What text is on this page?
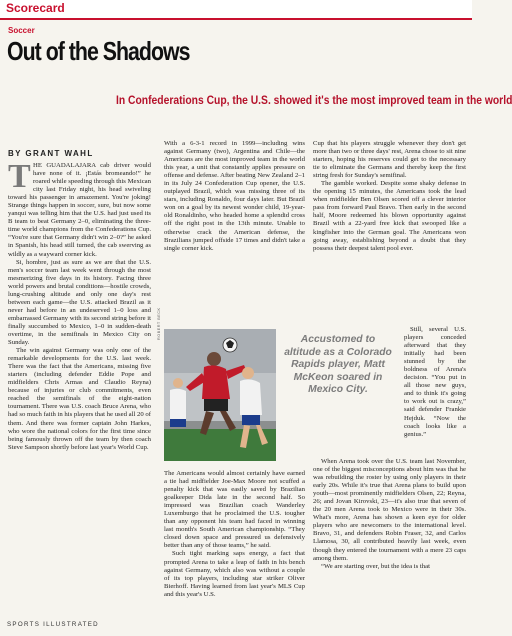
Scorecard
Soccer
Out of the Shadows
In Confederations Cup, the U.S. showed it's the most improved team in the world
BY GRANT WAHL

THE GUADALAJARA cab driver would have none of it. ¡Estás bromeando!” he roared while speeding through this Mexican city last Friday night, his head swiveling toward his passenger in amazement. You're joking! Strange things happen in soccer, sure, but now some yanqui was telling him that the U.S. had just used its B team to beat Germany 2–0, eliminating the three-time world champions from the Confederations Cup. “You're sure that Germany didn't win 2–0?” he asked in Spanish, his head still turned, the cab swerving as wildly as a wayward corner kick.

Si, hombre, just as sure as we are that the U.S. men's soccer team last week went through the most mesmerizing five days in its history. Facing three world powers and brutal conditions—hostile crowds, lung-crushing altitude and only one day's rest between each game—the U.S. attacked Brazil as it never had before in an undeserved 1–0 loss and embarrassed Germany with its second string before it finally succumbed to Mexico, 1–0 in sudden-death overtime, in the semifinals in Mexico City on Sunday.

The win against Germany was only one of the remarkable developments for the U.S. last week. There was the fact that the Americans, missing five starters (including defender Eddie Pope and midfielders Chris Armas and Claudio Reyna) because of injuries or club commitments, even reached the semifinals of the eight-nation tournament. There was U.S. coach Bruce Arena, who had so much faith in his players that he used all 20 of them. And there was former captain John Harkes, who wore the national colors for the first time since being famously thrown off the team by then coach Steve Sampson shortly before last year's World Cup.

With a 6-3-1 record in 1999—including wins against Germany (two), Argentina and Chile—the Americans are the most improved team in the world this year, a unit that constantly applies pressure on offense and defense. After beating New Zealand 2–1 in its July 24 Confederation Cup opener, the U.S. outplayed Brazil, which was missing three of its stars, including Ronaldo, four days later. But Brazil won on a goal by its newest wonder child, 19-year-old Ronaldinho, who headed home a splendid cross off the right post in the 13th minute. Unable to otherwise crack the American defense, the Brazilians jumped offside 17 times and didn't take a single corner kick.

ROBERT BECK	Accustomed to altitude as a Colorado Rapids player, Matt McKeon soared in Mexico City.

The Americans would almost certainly have earned a tie had midfielder Joe-Max Moore not scuffed a penalty kick that was easily saved by Brazilian goalkeeper Dida late in the second half. So impressed was Brazilian coach Wanderley Luxemburgo that he proclaimed the U.S. tougher than any opponent his team had faced in winning last month's South American championship. “They closed down space and pressured us defensively better than any of those teams,” he said.

Such tight marking saps energy, a fact that prompted Arena to take a leap of faith in his bench against Germany, which also was without a couple of its top players, including star striker Oliver Bierhoff. Having learned from last year's MLS Cup and this year's U.S.

Cup that his players struggle whenever they don't get more than two or three days' rest, Arena chose to sit nine starters, hoping his reserves could get to the necessary tie to eliminate the Germans and thereby keep the first string fresh for Sunday's semifinal.

The gamble worked. Despite some shaky defense in the opening 15 minutes, the Americans took the lead when midfielder Ben Olsen scored off a clever interior pass from forward Paul Bravo. Then early in the second half, Moore redeemed his blown opportunity against Brazil with a 22-yard free kick that swooped like a kingfisher into the German goal. The Americans won going away, establishing beyond a doubt that they possess their deepest talent pool ever.

Still, several U.S. players conceded afterward that they initially had been stunned by the boldness of Arena's decision. “You put in all those new guys, and to think it's going to work out is crazy,” said defender Frankie Hejduk. “Now the coach looks like a genius.”

When Arena took over the U.S. team last November, one of the biggest misconceptions about him was that he was rebuilding the roster by using only players in their early 20s. While it's true that Arena plans to build upon youth—most prominently midfielders Olsen, 22; Reyna, 26; and Jovan Kirovski, 23—it's also true that seven of the 20 men Arena took to Mexico were in their 30s. What's more, Arena has shown a keen eye for older players who are newcomers to the international level. Bravo, 31, and defenders Robin Fraser, 32, and Carlos Llamosa, 30, all contributed heavily last week, even though they entered the tournament with a mere 23 caps among them.

“We are starting over, but the idea is that

SPORTS ILLUSTRATED
